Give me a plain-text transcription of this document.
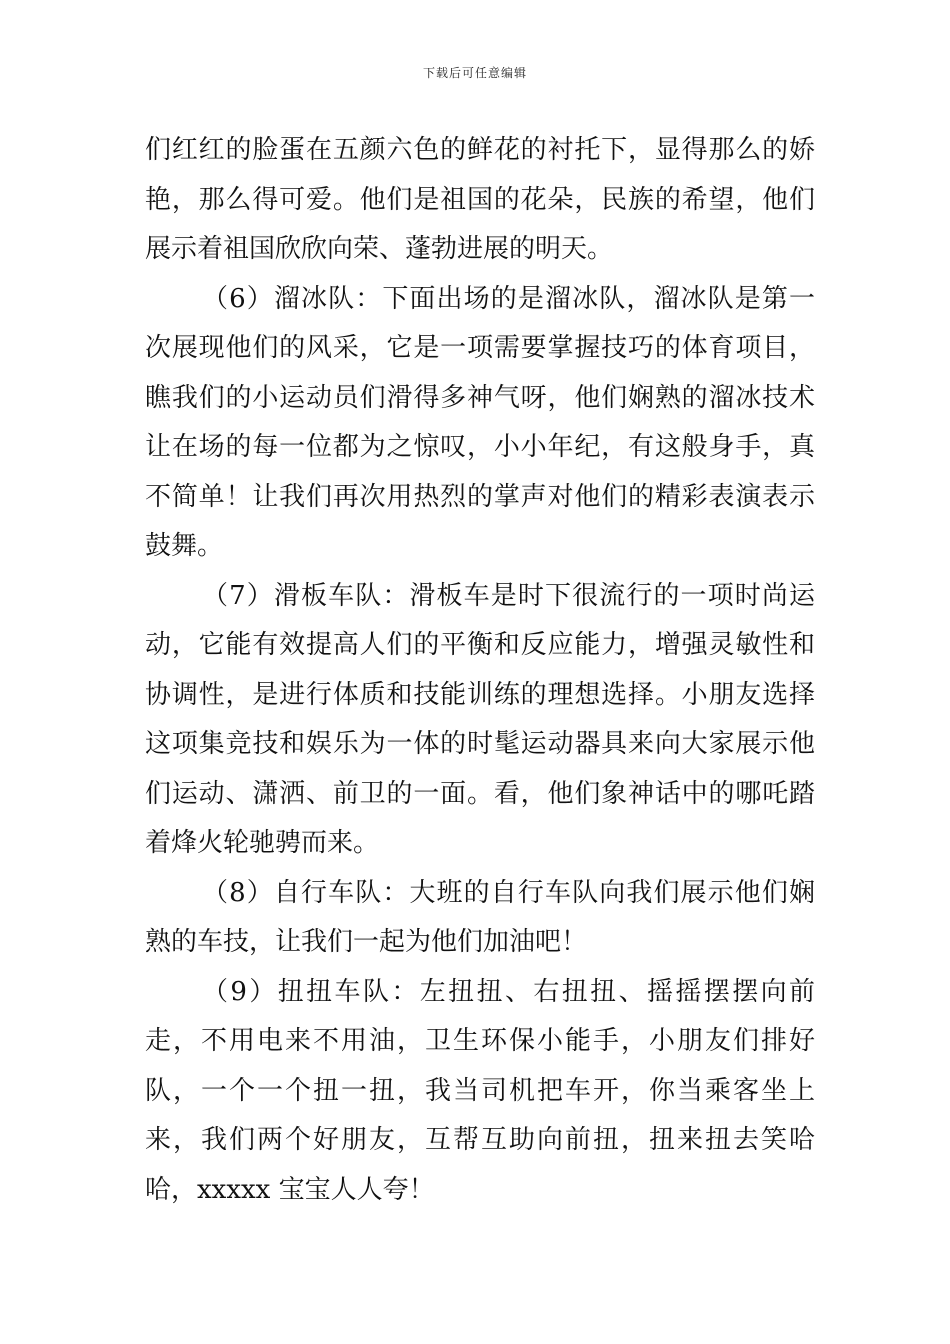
下载后可任意编辑

们红红的脸蛋在五颜六色的鲜花的衬托下，显得那么的娇艳，那么得可爱。他们是祖国的花朵，民族的希望，他们展示着祖国欣欣向荣、蓬勃进展的明天。

（6）溜冰队：下面出场的是溜冰队，溜冰队是第一次展现他们的风采，它是一项需要掌握技巧的体育项目，瞧我们的小运动员们滑得多神气呀，他们娴熟的溜冰技术让在场的每一位都为之惊叹，小小年纪，有这般身手，真不简单！让我们再次用热烈的掌声对他们的精彩表演表示鼓舞。

（7）滑板车队：滑板车是时下很流行的一项时尚运动，它能有效提高人们的平衡和反应能力，增强灵敏性和协调性，是进行体质和技能训练的理想选择。小朋友选择这项集竞技和娱乐为一体的时髦运动器具来向大家展示他们运动、潇洒、前卫的一面。看，他们象神话中的哪吒踏着烽火轮驰骋而来。

（8）自行车队：大班的自行车队向我们展示他们娴熟的车技，让我们一起为他们加油吧！

（9）扭扭车队：左扭扭、右扭扭、摇摇摆摆向前走，不用电来不用油，卫生环保小能手，小朋友们排好队，一个一个扭一扭，我当司机把车开，你当乘客坐上来，我们两个好朋友，互帮互助向前扭，扭来扭去笑哈哈，xxxxx 宝宝人人夸！
